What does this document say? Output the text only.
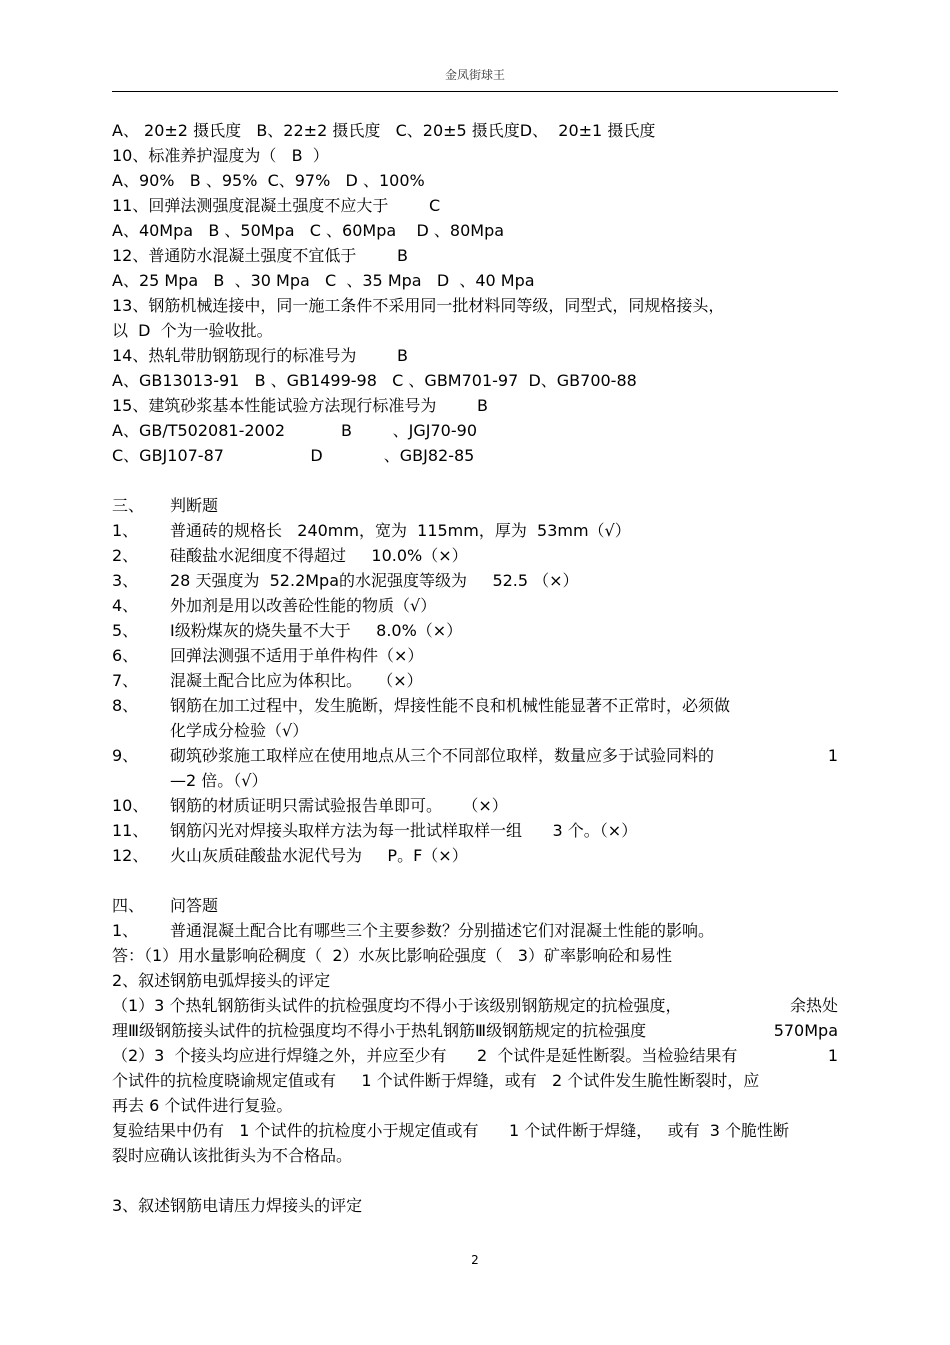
金凤街球王
A、 20±2 摄氏度   B、22±2 摄氏度   C、20±5 摄氏度D、  20±1 摄氏度
10、标准养护湿度为（   B  ）
A、90%   B 、95%  C、97%   D 、100%
11、回弹法测强度混凝土强度不应大于        C
A、40Mpa   B 、50Mpa   C 、60Mpa    D 、80Mpa
12、普通防水混凝土强度不宜低于        B
A、25 Mpa   B  、30 Mpa   C  、35 Mpa   D  、40 Mpa
13、钢筋机械连接中，同一施工条件不采用同一批材料同等级，同型式，同规格接头，
以  D  个为一验收批。
14、热轧带肋钢筋现行的标准号为        B
A、GB13013-91   B 、GB1499-98   C 、GBM701-97  D、GB700-88
15、建筑砂浆基本性能试验方法现行标准号为        B
A、GB/T502081-2002           B        、JGJ70-90
C、GBJ107-87                 D            、GBJ82-85
三、 判断题
1、 普通砖的规格长   240mm，宽为  115mm，厚为  53mm（√）
2、 硅酸盐水泥细度不得超过     10.0%（×）
3、 28 天强度为  52.2Mpa的水泥强度等级为     52.5 （×）
4、 外加剂是用以改善砼性能的物质（√）
5、 Ⅰ级粉煤灰的烧失量不大于     8.0%（×）
6、 回弹法测强不适用于单件构件（×）
7、 混凝土配合比应为体积比。   （×）
8、 钢筋在加工过程中，发生脆断，焊接性能不良和机械性能显著不正常时，必须做
化学成分检验（√）
9、 砌筑砂浆施工取样应在使用地点从三个不同部位取样，数量应多于试验同料的	1
—2 倍。（√）
10、 钢筋的材质证明只需试验报告单即可。    （×）
11、 钢筋闪光对焊接头取样方法为每一批试样取样一组      3 个。（×）
12、 火山灰质硅酸盐水泥代号为     P。F（×）
四、 问答题
1、 普通混凝土配合比有哪些三个主要参数？分别描述它们对混凝土性能的影响。
答：（1）用水量影响砼稠度（  2）水灰比影响砼强度（   3）矿率影响砼和易性
2、叙述钢筋电弧焊接头的评定
（1）3 个热轧钢筋街头试件的抗检强度均不得小于该级别钢筋规定的抗检强度，	余热处
理Ⅲ级钢筋接头试件的抗检强度均不得小于热轧钢筋Ⅲ级钢筋规定的抗检强度	570Mpa
（2）3  个接头均应进行焊缝之外，并应至少有      2  个试件是延性断裂。当检验结果有	1
个试件的抗检度晓谕规定值或有     1 个试件断于焊缝，或有   2 个试件发生脆性断裂时，应
再去 6 个试件进行复验。
复验结果中仍有   1 个试件的抗检度小于规定值或有      1 个试件断于焊缝，   或有  3 个脆性断
裂时应确认该批街头为不合格品。
3、叙述钢筋电请压力焊接头的评定
2
